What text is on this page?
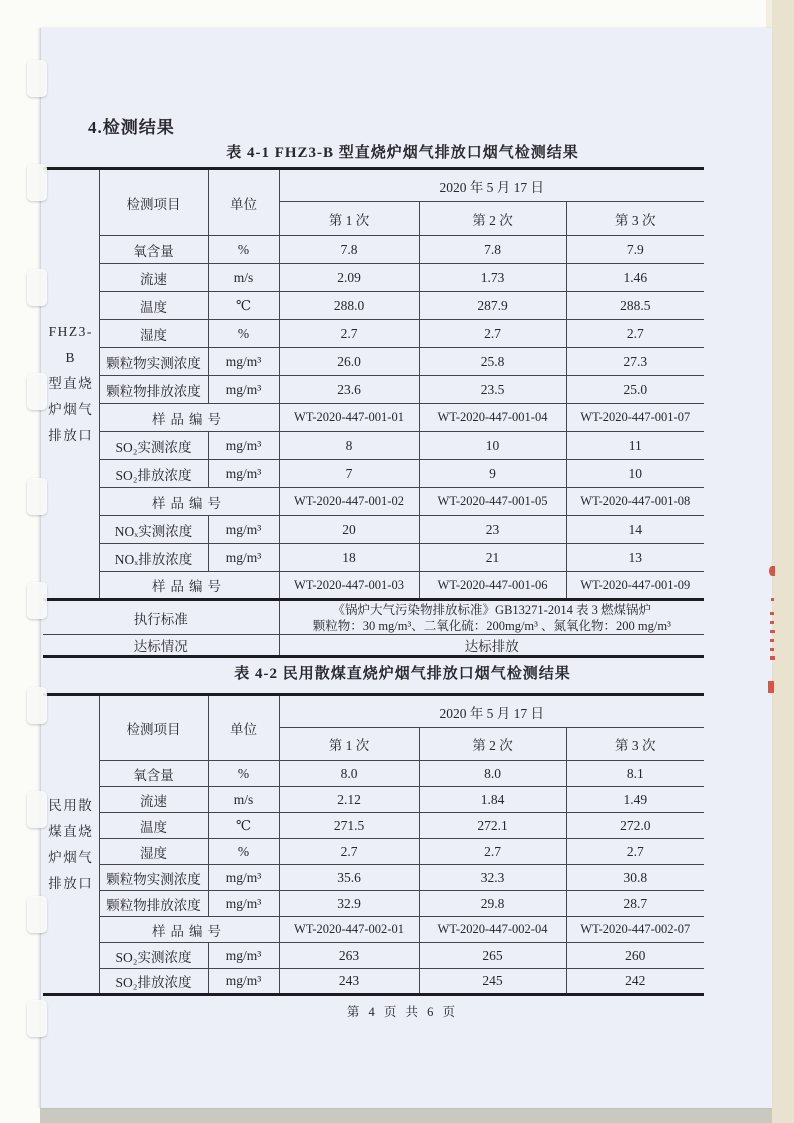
4.检测结果
表 4-1 FHZ3-B 型直烧炉烟气排放口烟气检测结果
FHZ3-B
型直烧
炉烟气
排放口	检测项目	单位	2020 年 5 月 17 日		
			第 1 次	第 2 次	第 3 次
	氧含量	%	7.8	7.8	7.9
	流速	m/s	2.09	1.73	1.46
	温度	℃	288.0	287.9	288.5
	湿度	%	2.7	2.7	2.7
	颗粒物实测浓度	mg/m³	26.0	25.8	27.3
	颗粒物排放浓度	mg/m³	23.6	23.5	25.0
	样品编号		WT-2020-447-001-01	WT-2020-447-001-04	WT-2020-447-001-07
	SO₂实测浓度	mg/m³	8	10	11
	SO₂排放浓度	mg/m³	7	9	10
	样品编号		WT-2020-447-001-02	WT-2020-447-001-05	WT-2020-447-001-08
	NOₓ实测浓度	mg/m³	20	23	14
	NOₓ排放浓度	mg/m³	18	21	13
	样品编号		WT-2020-447-001-03	WT-2020-447-001-06	WT-2020-447-001-09
执行标准			《锅炉大气污染物排放标准》GB13271-2014 表 3 燃煤锅炉
颗粒物：30 mg/m³、二氧化硫：200mg/m³ 、氮氧化物：200 mg/m³		

达标情况			达标排放		
表 4-2 民用散煤直烧炉烟气排放口烟气检测结果
民用散
煤直烧
炉烟气
排放口	检测项目	单位	2020 年 5 月 17 日		
			第 1 次	第 2 次	第 3 次
	氧含量	%	8.0	8.0	8.1
	流速	m/s	2.12	1.84	1.49
	温度	℃	271.5	272.1	272.0
	湿度	%	2.7	2.7	2.7
	颗粒物实测浓度	mg/m³	35.6	32.3	30.8
	颗粒物排放浓度	mg/m³	32.9	29.8	28.7
	样品编号		WT-2020-447-002-01	WT-2020-447-002-04	WT-2020-447-002-07
	SO₂实测浓度	mg/m³	263	265	260
	SO₂排放浓度	mg/m³	243	245	242
第 4 页 共 6 页
